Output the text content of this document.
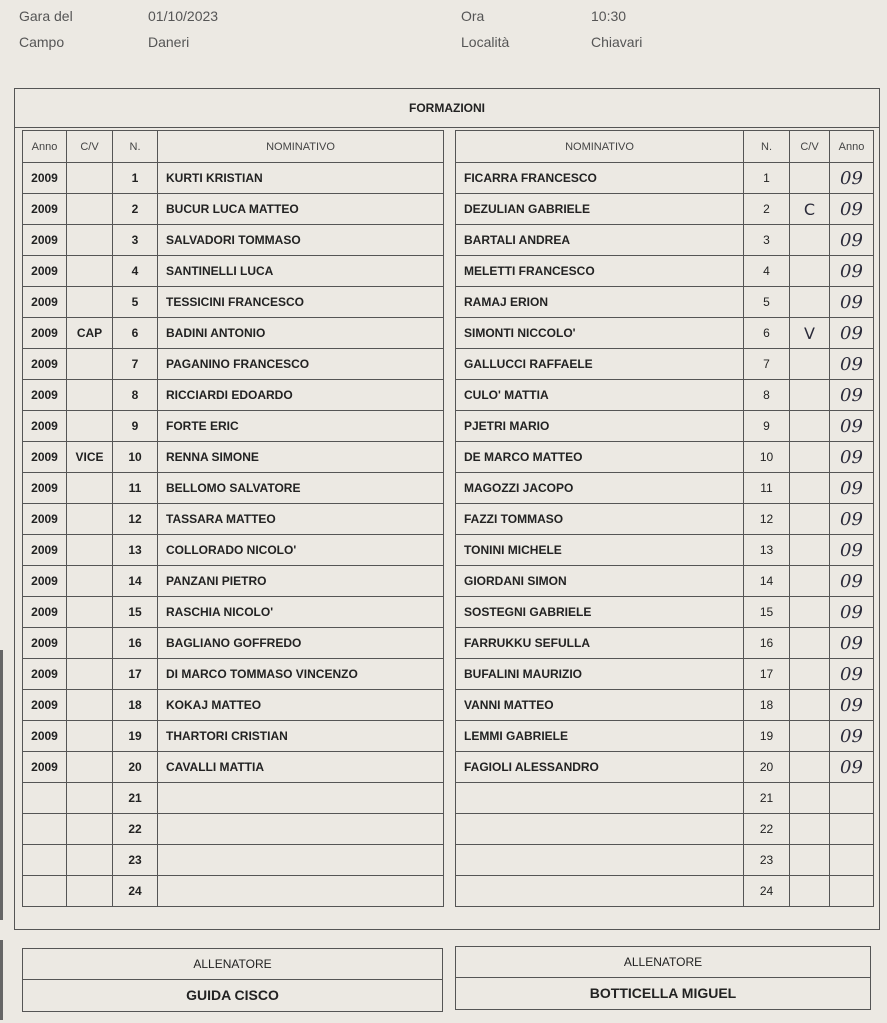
Gara del	01/10/2023	Ora	10:30
Campo	Daneri	Località	Chiavari
FORMAZIONI
Anno	C/V	N.	NOMINATIVO
2009		1	KURTI KRISTIAN
2009		2	BUCUR LUCA MATTEO
2009		3	SALVADORI TOMMASO
2009		4	SANTINELLI LUCA
2009		5	TESSICINI FRANCESCO
2009	CAP	6	BADINI ANTONIO
2009		7	PAGANINO FRANCESCO
2009		8	RICCIARDI EDOARDO
2009		9	FORTE ERIC
2009	VICE	10	RENNA SIMONE
2009		11	BELLOMO SALVATORE
2009		12	TASSARA MATTEO
2009		13	COLLORADO NICOLO'
2009		14	PANZANI PIETRO
2009		15	RASCHIA NICOLO'
2009		16	BAGLIANO GOFFREDO
2009		17	DI MARCO TOMMASO VINCENZO
2009		18	KOKAJ MATTEO
2009		19	THARTORI CRISTIAN
2009		20	CAVALLI MATTIA
		21	
		22	
		23	
		24	
NOMINATIVO	N.	C/V	Anno
FICARRA FRANCESCO	1		09
DEZULIAN GABRIELE	2	C	09
BARTALI ANDREA	3		09
MELETTI FRANCESCO	4		09
RAMAJ ERION	5		09
SIMONTI NICCOLO'	6	V	09
GALLUCCI RAFFAELE	7		09
CULO' MATTIA	8		09
PJETRI MARIO	9		09
DE MARCO MATTEO	10		09
MAGOZZI JACOPO	11		09
FAZZI TOMMASO	12		09
TONINI MICHELE	13		09
GIORDANI SIMON	14		09
SOSTEGNI GABRIELE	15		09
FARRUKKU SEFULLA	16		09
BUFALINI MAURIZIO	17		09
VANNI MATTEO	18		09
LEMMI GABRIELE	19		09
FAGIOLI ALESSANDRO	20		09
	21		
	22		
	23		
	24		
ALLENATORE
GUIDA CISCO
ALLENATORE
BOTTICELLA MIGUEL
